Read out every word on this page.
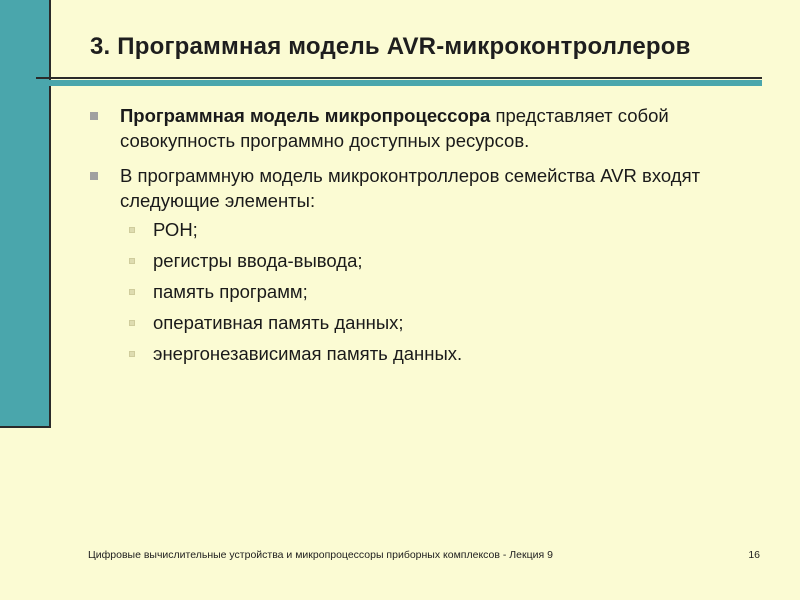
3. Программная модель AVR-микроконтроллеров
Программная модель микропроцессора представляет собой совокупность программно доступных ресурсов.
В программную модель микроконтроллеров семейства AVR входят следующие элементы:
РОН;
регистры ввода-вывода;
память программ;
оперативная память данных;
энергонезависимая память данных.
Цифровые вычислительные устройства и микропроцессоры приборных комплексов - Лекция 9	16
